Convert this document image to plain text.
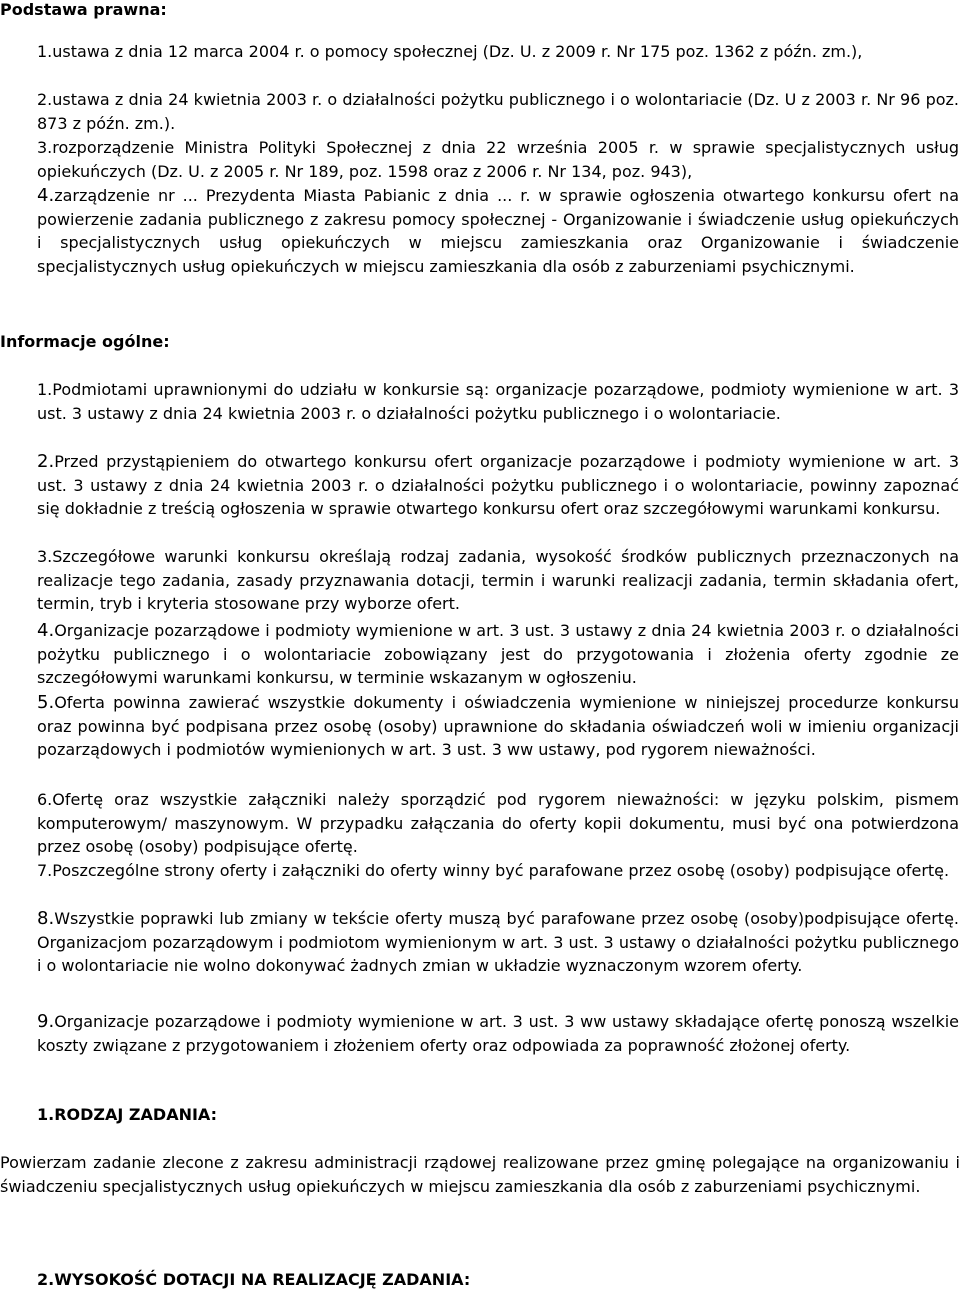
Podstawa prawna:
1.ustawa z dnia 12 marca 2004 r. o pomocy społecznej (Dz. U. z 2009 r. Nr 175 poz. 1362 z późn. zm.),
2.ustawa z dnia 24 kwietnia 2003 r. o działalności pożytku publicznego i o wolontariacie (Dz. U z 2003 r. Nr 96 poz. 873 z późn. zm.).
3.rozporządzenie Ministra Polityki Społecznej z dnia 22 września 2005 r. w sprawie specjalistycznych usług opiekuńczych (Dz. U. z 2005 r. Nr 189, poz. 1598 oraz z 2006 r. Nr 134, poz. 943),
4.zarządzenie nr ... Prezydenta Miasta Pabianic z dnia ... r. w sprawie ogłoszenia otwartego konkursu ofert na powierzenie zadania publicznego z zakresu pomocy społecznej - Organizowanie i świadczenie usług opiekuńczych i specjalistycznych usług opiekuńczych w miejscu zamieszkania oraz Organizowanie i świadczenie specjalistycznych usług opiekuńczych w miejscu zamieszkania dla osób z zaburzeniami psychicznymi.
Informacje ogólne:
1.Podmiotami uprawnionymi do udziału w konkursie są: organizacje pozarządowe, podmioty wymienione w art. 3 ust. 3 ustawy z dnia 24 kwietnia 2003 r. o działalności pożytku publicznego i o wolontariacie.
2.Przed przystąpieniem do otwartego konkursu ofert organizacje pozarządowe i podmioty wymienione w art. 3 ust. 3 ustawy z dnia 24 kwietnia 2003 r. o działalności pożytku publicznego i o wolontariacie, powinny zapoznać się dokładnie z treścią ogłoszenia w sprawie otwartego konkursu ofert oraz szczegółowymi warunkami konkursu.
3.Szczegółowe warunki konkursu określają rodzaj zadania, wysokość środków publicznych przeznaczonych na realizacje tego zadania, zasady przyznawania dotacji, termin i warunki realizacji zadania, termin składania ofert, termin, tryb i kryteria stosowane przy wyborze ofert.
4.Organizacje pozarządowe i podmioty wymienione w art. 3 ust. 3 ustawy z dnia 24 kwietnia 2003 r. o działalności pożytku publicznego i o wolontariacie zobowiązany jest do przygotowania i złożenia oferty zgodnie ze szczegółowymi warunkami konkursu, w terminie wskazanym w ogłoszeniu.
5.Oferta powinna zawierać wszystkie dokumenty i oświadczenia wymienione w niniejszej procedurze konkursu oraz powinna być podpisana przez osobę (osoby) uprawnione do składania oświadczeń woli w imieniu organizacji pozarządowych i podmiotów wymienionych w art. 3 ust. 3 ww ustawy, pod rygorem nieważności.
6.Ofertę oraz wszystkie załączniki należy sporządzić pod rygorem nieważności: w języku polskim, pismem komputerowym/ maszynowym. W przypadku załączania do oferty kopii dokumentu, musi być ona potwierdzona przez osobę (osoby) podpisujące ofertę.
7.Poszczególne strony oferty i załączniki do oferty winny być parafowane przez osobę (osoby) podpisujące ofertę.
8.Wszystkie poprawki lub zmiany w tekście oferty muszą być parafowane przez osobę (osoby)podpisujące ofertę. Organizacjom pozarządowym i podmiotom wymienionym w art. 3 ust. 3 ustawy o działalności pożytku publicznego i o wolontariacie nie wolno dokonywać żadnych zmian w układzie wyznaczonym wzorem oferty.
9.Organizacje pozarządowe i podmioty wymienione w art. 3 ust. 3 ww ustawy składające ofertę ponoszą wszelkie koszty związane z przygotowaniem i złożeniem oferty oraz odpowiada za poprawność złożonej oferty.
1.RODZAJ ZADANIA:
Powierzam zadanie zlecone z zakresu administracji rządowej realizowane przez gminę polegające na organizowaniu i świadczeniu specjalistycznych usług opiekuńczych w miejscu zamieszkania dla osób z zaburzeniami psychicznymi.
2.WYSOKOŚĆ DOTACJI NA REALIZACJĘ ZADANIA:
